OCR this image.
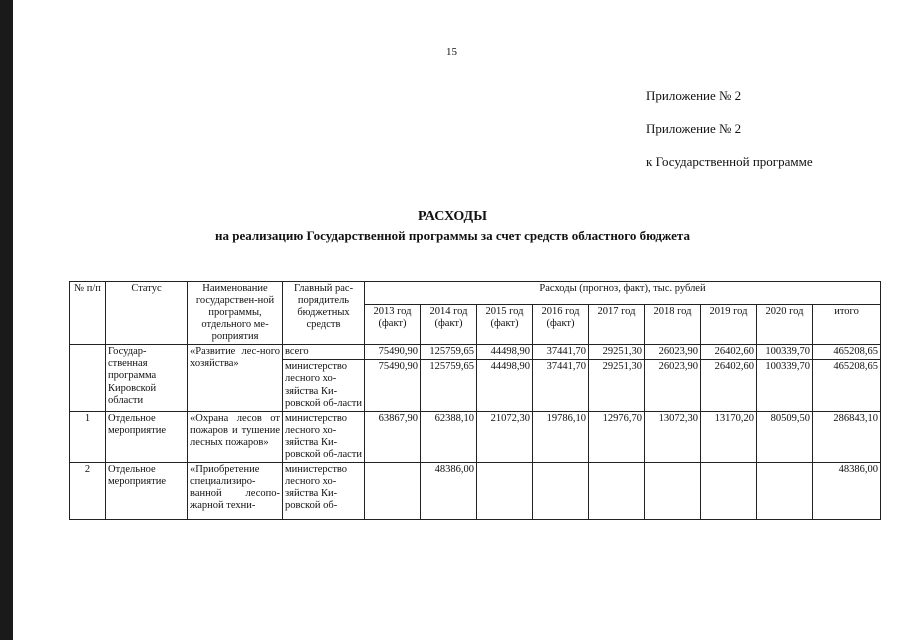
15
Приложение № 2
Приложение № 2
к Государственной программе
РАСХОДЫ
на реализацию Государственной программы за счет средств областного бюджета
№ п/п	Статус	Наименование государствен-ной программы, отдельного ме-роприятия	Главный рас-порядитель бюджетных средств	Расходы (прогноз, факт), тыс. рублей								
				2013 год (факт)	2014 год (факт)	2015 год (факт)	2016 год (факт)	2017 год	2018 год	2019 год	2020 год	итого
	Государ-ственная программа Кировской области	«Развитие лес-ного хозяйства»	всего	75490,90	125759,65	44498,90	37441,70	29251,30	26023,90	26402,60	100339,70	465208,65
			министерство лесного хо-зяйства Ки-ровской об-ласти	75490,90	125759,65	44498,90	37441,70	29251,30	26023,90	26402,60	100339,70	465208,65
1	Отдельное мероприятие	«Охрана лесов от пожаров и тушение лесных пожаров»	министерство лесного хо-зяйства Ки-ровской об-ласти	63867,90	62388,10	21072,30	19786,10	12976,70	13072,30	13170,20	80509,50	286843,10
2	Отдельное мероприятие	«Приобретение специализиро-ванной лесопо-жарной техни-	министерство лесного хо-зяйства Ки-ровской об-		48386,00							48386,00
